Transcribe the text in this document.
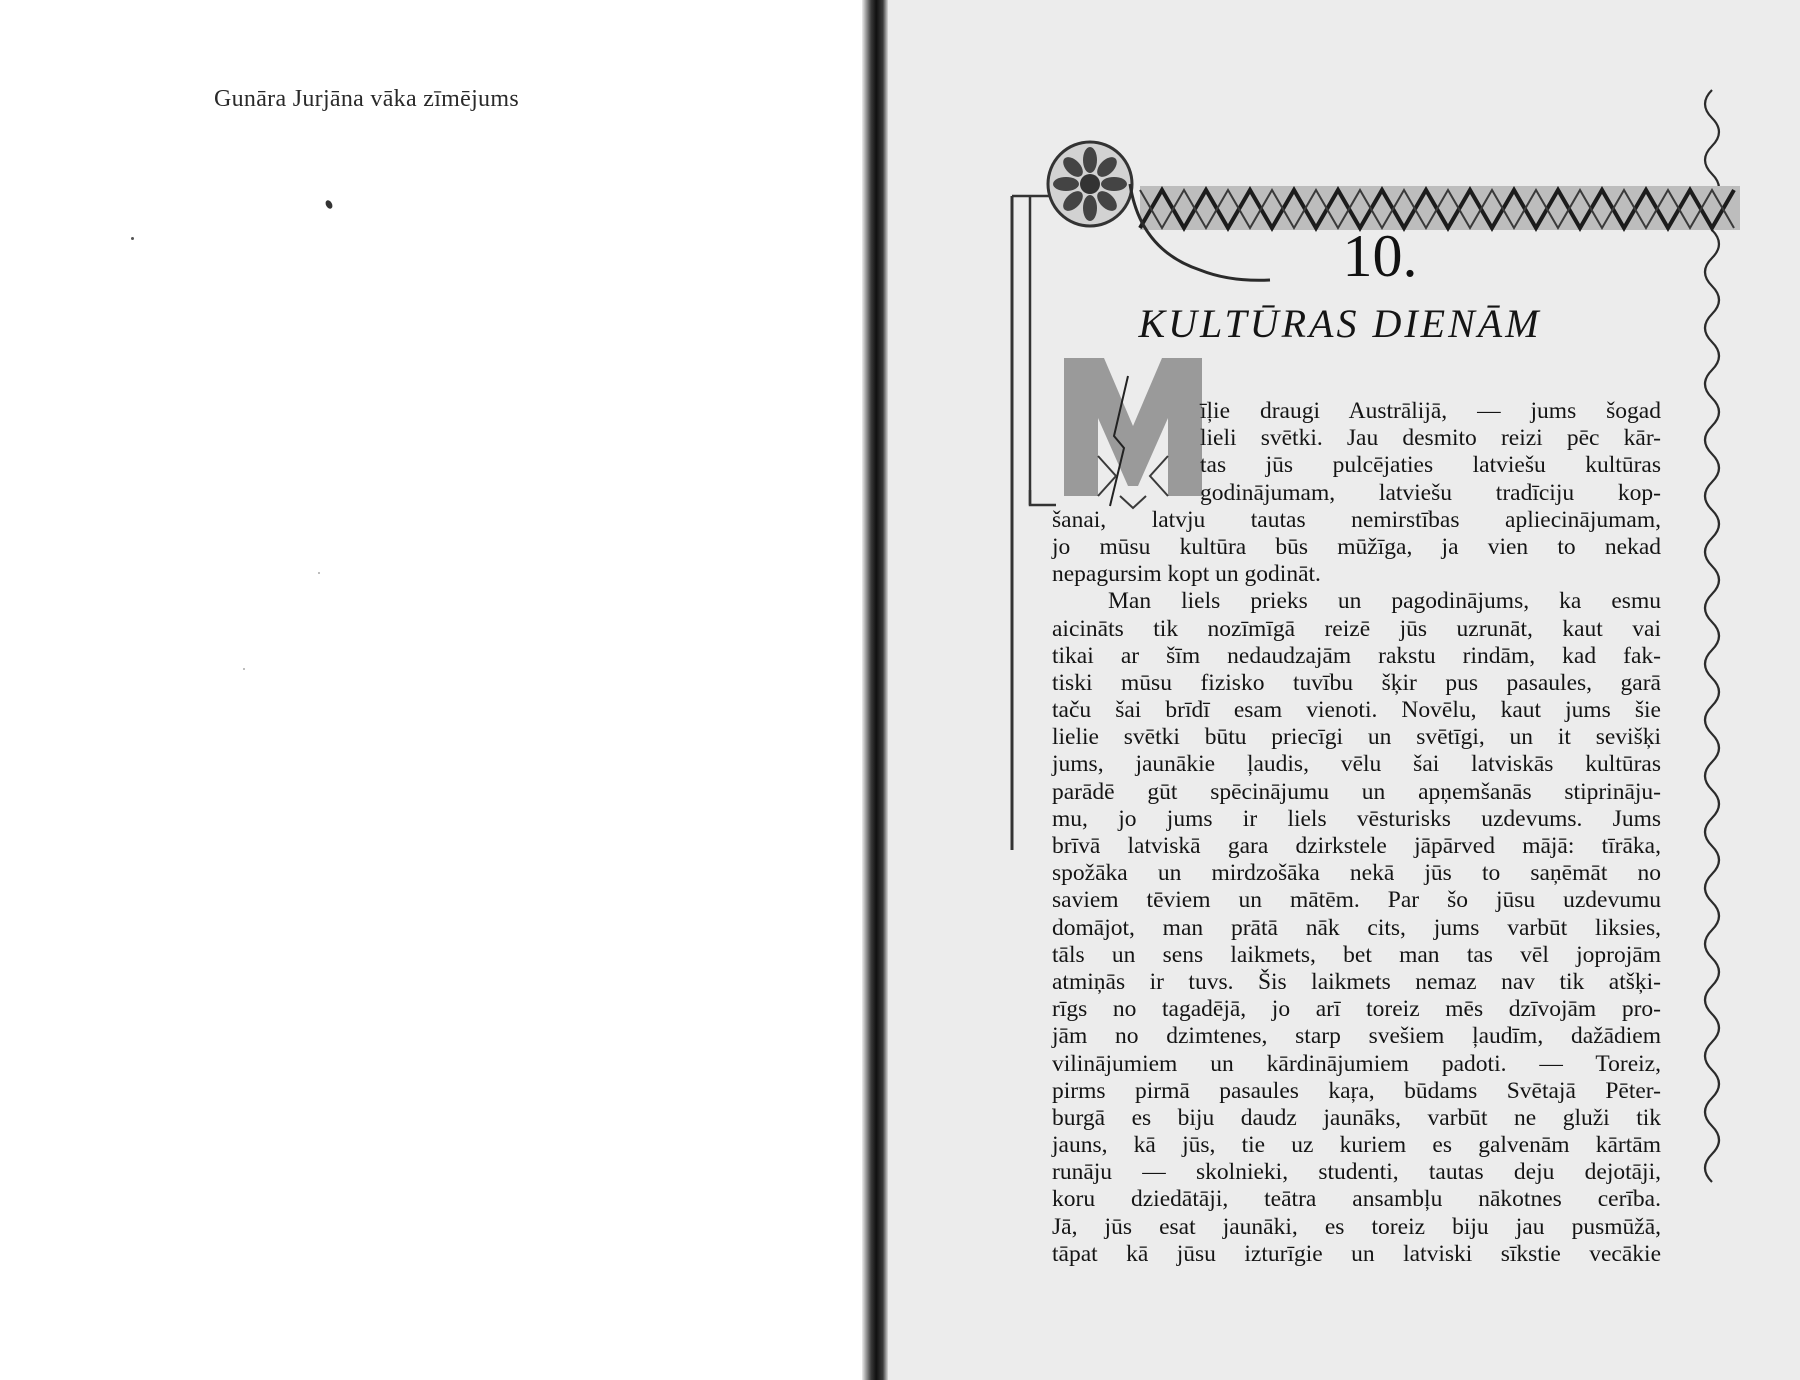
Gunāra Jurjāna vāka zīmējums
10.
KULTŪRAS DIENĀM
īļie draugi Austrālijā, — jums šogad
lieli svētki. Jau desmito reizi pēc kār-
tas jūs pulcējaties latviešu kultūras
godinājumam, latviešu tradīciju kop-
šanai, latvju tautas nemirstības apliecinājumam,
jo mūsu kultūra būs mūžīga, ja vien to nekad
nepagursim kopt un godināt.
Man liels prieks un pagodinājums, ka esmu
aicināts tik nozīmīgā reizē jūs uzrunāt, kaut vai
tikai ar šīm nedaudzajām rakstu rindām, kad fak-
tiski mūsu fizisko tuvību šķir pus pasaules, garā
taču šai brīdī esam vienoti. Novēlu, kaut jums šie
lielie svētki būtu priecīgi un svētīgi, un it sevišķi
jums, jaunākie ļaudis, vēlu šai latviskās kultūras
parādē gūt spēcinājumu un apņemšanās stiprināju-
mu, jo jums ir liels vēsturisks uzdevums. Jums
brīvā latviskā gara dzirkstele jāpārved mājā: tīrāka,
spožāka un mirdzošāka nekā jūs to saņēmāt no
saviem tēviem un mātēm. Par šo jūsu uzdevumu
domājot, man prātā nāk cits, jums varbūt liksies,
tāls un sens laikmets, bet man tas vēl joprojām
atmiņās ir tuvs. Šis laikmets nemaz nav tik atšķi-
rīgs no tagadējā, jo arī toreiz mēs dzīvojām pro-
jām no dzimtenes, starp svešiem ļaudīm, dažādiem
vilinājumiem un kārdinājumiem padoti. — Toreiz,
pirms pirmā pasaules kaŗa, būdams Svētajā Pēter-
burgā es biju daudz jaunāks, varbūt ne gluži tik
jauns, kā jūs, tie uz kuriem es galvenām kārtām
runāju — skolnieki, studenti, tautas deju dejotāji,
koru dziedātāji, teātra ansambļu nākotnes cerība.
Jā, jūs esat jaunāki, es toreiz biju jau pusmūžā,
tāpat kā jūsu izturīgie un latviski sīkstie vecākie
